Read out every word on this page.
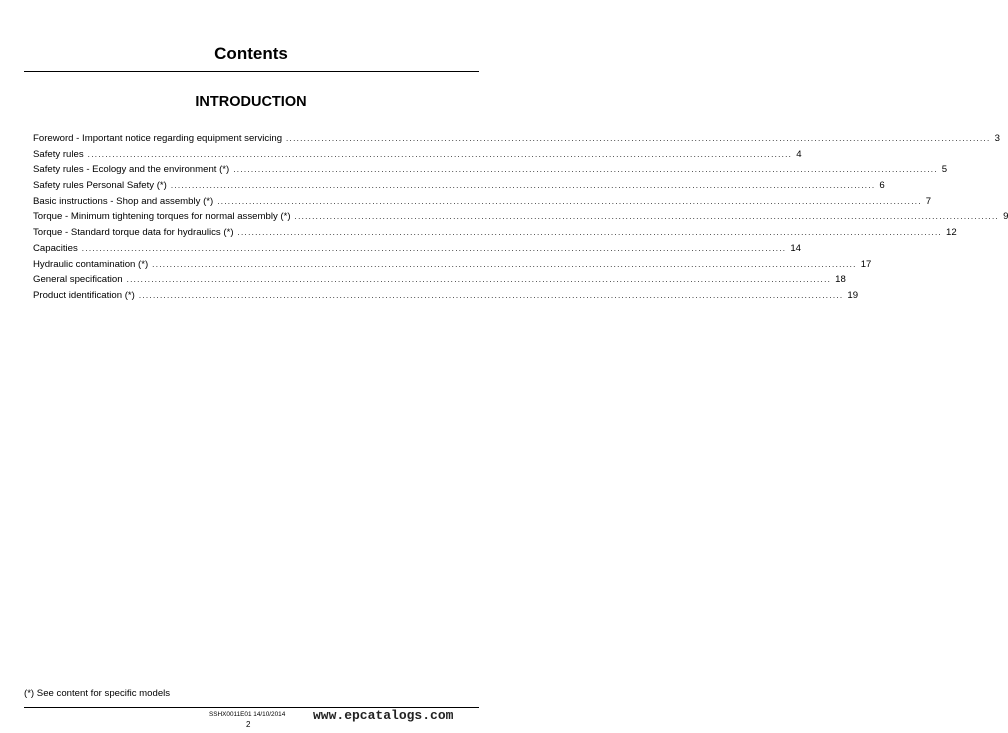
Contents
INTRODUCTION
Foreword - Important notice regarding equipment servicing ........................................................................................................................................................................................................ 3
Safety rules ........................................................................................................................................................................................................ 4
Safety rules - Ecology and the environment (*) ........................................................................................................................................................................................................ 5
Safety rules Personal Safety (*) ........................................................................................................................................................................................................ 6
Basic instructions - Shop and assembly (*) ........................................................................................................................................................................................................ 7
Torque - Minimum tightening torques for normal assembly (*) ........................................................................................................................................................................................................ 9
Torque - Standard torque data for hydraulics (*) ........................................................................................................................................................................................................ 12
Capacities ........................................................................................................................................................................................................ 14
Hydraulic contamination (*) ........................................................................................................................................................................................................ 17
General specification ........................................................................................................................................................................................................ 18
Product identification (*) ........................................................................................................................................................................................................ 19
(*) See content for specific models
SSHX0011E01 14/10/2014
2
www.epcatalogs.com
